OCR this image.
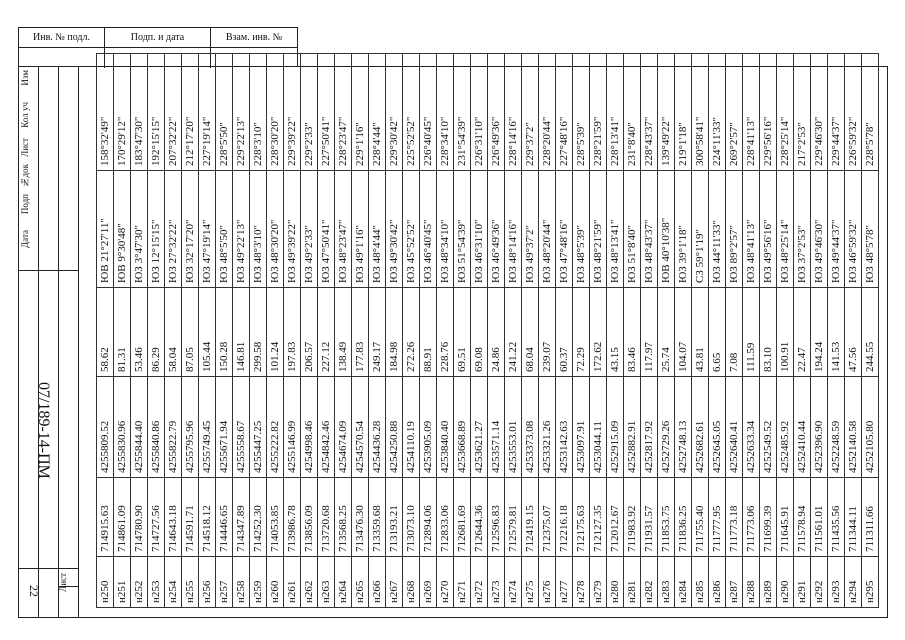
Инв. № подл.	Подп. и дата	Взам. инв. №
Изм
Кол уч
Лист
№док
Подп
Дата
07/189-14-ПМ
Лист
22	н250	714915.63	4255809.52	58.62	ЮВ 21°27'11"	158°32'49"
н251	714861.09	4255830.96	81.31	ЮВ 9°30'48"	170°29'12"
н252	714780.90	4255844.40	53.46	ЮЗ 3°47'30"	183°47'30"
н253	714727.56	4255840.86	86.29	ЮЗ 12°15'15"	192°15'15"
н254	714643.18	4255822.79	58.04	ЮЗ 27°32'22"	207°32'22"
н255	714591.71	4255795.96	87.05	ЮЗ 32°17'20"	212°17'20"
н256	714518.12	4255749.45	105.44	ЮЗ 47°19'14"	227°19'14"
н257	714446.65	4255671.94	150.28	ЮЗ 48°5'50"	228°5'50"
н258	714347.89	4255558.67	146.81	ЮЗ 49°22'13"	229°22'13"
н259	714252.30	4255447.25	299.58	ЮЗ 48°3'10"	228°3'10"
н260	714053.85	4255222.82	101.24	ЮЗ 48°30'20"	228°30'20"
н261	713986.78	4255146.99	197.83	ЮЗ 49°39'22"	229°39'22"
н262	713856.09	4254998.46	206.57	ЮЗ 49°2'33"	229°2'33"
н263	713720.68	4254842.46	227.12	ЮЗ 47°50'41"	227°50'41"
н264	713568.25	4254674.09	138.49	ЮЗ 48°23'47"	228°23'47"
н265	713476.30	4254570.54	177.83	ЮЗ 49°1'16"	229°1'16"
н266	713359.68	4254436.28	249.17	ЮЗ 48°4'44"	228°4'44"
н267	713193.21	4254250.88	184.98	ЮЗ 49°30'42"	229°30'42"
н268	713073.10	4254110.19	272.26	ЮЗ 45°52'52"	225°52'52"
н269	712894.06	4253905.09	88.91	ЮЗ 46°40'45"	226°40'45"
н270	712833.06	4253840.40	228.76	ЮЗ 48°34'10"	228°34'10"
н271	712681.69	4253668.89	69.51	ЮЗ 51°54'39"	231°54'39"
н272	712644.36	4253621.27	69.08	ЮЗ 46°31'10"	226°31'10"
н273	712596.83	4253571.14	24.86	ЮЗ 46°49'36"	226°49'36"
н274	712579.81	4253553.01	241.22	ЮЗ 48°14'16"	228°14'16"
н275	712419.15	4253373.08	68.04	ЮЗ 49°37'2"	229°37'2"
н276	712375.07	4253321.26	239.07	ЮЗ 48°20'44"	228°20'44"
н277	712216.18	4253142.63	60.37	ЮЗ 47°48'16"	227°48'16"
н278	712175.63	4253097.91	72.29	ЮЗ 48°5'39"	228°5'39"
н279	712127.35	4253044.11	172.62	ЮЗ 48°21'59"	228°21'59"
н280	712012.67	4252915.09	43.15	ЮЗ 48°13'41"	228°13'41"
н281	711983.92	4252882.91	83.46	ЮЗ 51°8'40"	231°8'40"
н282	711931.57	4252817.92	117.97	ЮЗ 48°43'37"	228°43'37"
н283	711853.75	4252729.26	25.74	ЮВ 40°10'38"	139°49'22"
н284	711836.25	4252748.13	104.07	ЮЗ 39°1'18"	219°1'18"
н285	711755.40	4252682.61	43.81	СЗ 59°1'19"	300°58'41"
н286	711777.95	4252645.05	6.65	ЮЗ 44°11'33"	224°11'33"
н287	711773.18	4252640.41	7.08	ЮЗ 89°2'57"	269°2'57"
н288	711773.06	4252633.34	111.59	ЮЗ 48°41'13"	228°41'13"
н289	711699.39	4252549.52	83.10	ЮЗ 49°56'16"	229°56'16"
н290	711645.91	4252485.92	100.91	ЮЗ 48°25'14"	228°25'14"
н291	711578.94	4252410.44	22.47	ЮЗ 37°2'53"	217°2'53"
н292	711561.01	4252396.90	194.24	ЮЗ 49°46'30"	229°46'30"
н293	711435.56	4252248.59	141.53	ЮЗ 49°44'37"	229°44'37"
н294	711344.11	4252140.58	47.56	ЮЗ 46°59'32"	226°59'32"
н295	711311.66	4252105.80	244.55	ЮЗ 48°5'78"	228°5'78"
